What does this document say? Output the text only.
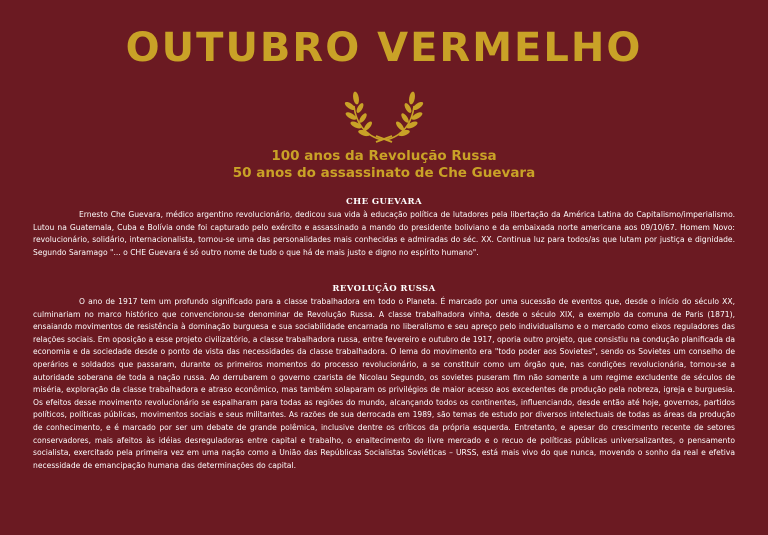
OUTUBRO VERMELHO
100 anos da Revolução Russa
50 anos do assassinato de Che Guevara
CHE GUEVARA

Ernesto Che Guevara, médico argentino revolucionário, dedicou sua vida à educação política de lutadores pela libertação da América Latina do Capitalismo/imperialismo. Lutou na Guatemala, Cuba e Bolívia onde foi capturado pelo exército e assassinado a mando do presidente boliviano e da embaixada norte americana aos 09/10/67. Homem Novo: revolucionário, solidário, internacionalista, tornou-se uma das personalidades mais conhecidas e admiradas do séc. XX. Continua luz para todos/as que lutam por justiça e dignidade. Segundo Saramago "... o CHE Guevara é só outro nome de tudo o que há de mais justo e digno no espírito humano".

REVOLUÇÃO RUSSA

O ano de 1917 tem um profundo significado para a classe trabalhadora em todo o Planeta. É marcado por uma sucessão de eventos que, desde o início do século XX, culminariam no marco histórico que convencionou-se denominar de Revolução Russa. A classe trabalhadora vinha, desde o século XIX, a exemplo da comuna de Paris (1871), ensaiando movimentos de resistência à dominação burguesa e sua sociabilidade encarnada no liberalismo e seu apreço pelo individualismo e o mercado como eixos reguladores das relações sociais. Em oposição a esse projeto civilizatório, a classe trabalhadora russa, entre fevereiro e outubro de 1917, oporia outro projeto, que consistiu na condução planificada da economia e da sociedade desde o ponto de vista das necessidades da classe trabalhadora. O lema do movimento era "todo poder aos Sovietes", sendo os Sovietes um conselho de operários e soldados que passaram, durante os primeiros momentos do processo revolucionário, a se constituir como um órgão que, nas condições revolucionária, tornou-se a autoridade soberana de toda a nação russa. Ao derrubarem o governo czarista de Nicolau Segundo, os sovietes puseram fim não somente a um regime excludente de séculos de miséria, exploração da classe trabalhadora e atraso econômico, mas também solaparam os privilégios de maior acesso aos excedentes de produção pela nobreza, igreja e burguesia. Os efeitos desse movimento revolucionário se espalharam para todas as regiões do mundo, alcançando todos os continentes, influenciando, desde então até hoje, governos, partidos políticos, políticas públicas, movimentos sociais e seus militantes. As razões de sua derrocada em 1989, são temas de estudo por diversos intelectuais de todas as áreas da produção de conhecimento, e é marcado por ser um debate de grande polêmica, inclusive dentre os críticos da própria esquerda. Entretanto, e apesar do crescimento recente de setores conservadores, mais afeitos às idéias desreguladoras entre capital e trabalho, o enaltecimento do livre mercado e o recuo de políticas públicas universalizantes, o pensamento socialista, exercitado pela primeira vez em uma nação como a União das Repúblicas Socialistas Soviéticas – URSS, está mais vivo do que nunca, movendo o sonho da real e efetiva necessidade de emancipação humana das determinações do capital.
